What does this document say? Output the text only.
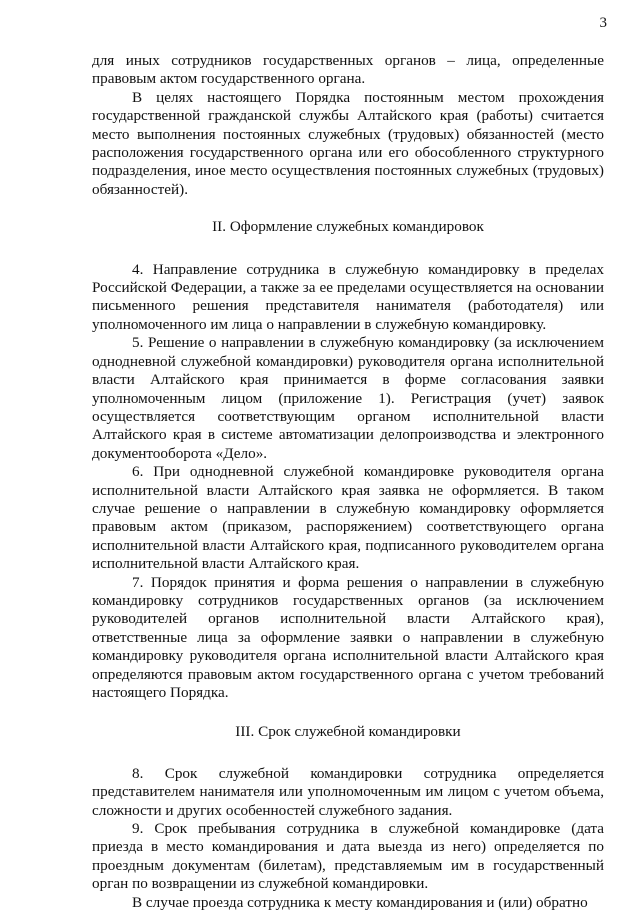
3

для иных сотрудников государственных органов – лица, определенные правовым актом государственного органа.

В целях настоящего Порядка постоянным местом прохождения государственной гражданской службы Алтайского края (работы) считается место выполнения постоянных служебных (трудовых) обязанностей (место расположения государственного органа или его обособленного структурного подразделения, иное место осуществления постоянных служебных (трудовых) обязанностей).

II. Оформление служебных командировок

4. Направление сотрудника в служебную командировку в пределах Российской Федерации, а также за ее пределами осуществляется на основании письменного решения представителя нанимателя (работодателя) или уполномоченного им лица о направлении в служебную командировку.

5. Решение о направлении в служебную командировку (за исключением однодневной служебной командировки) руководителя органа исполнительной власти Алтайского края принимается в форме согласования заявки уполномоченным лицом (приложение 1). Регистрация (учет) заявок осуществляется соответствующим органом исполнительной власти Алтайского края в системе автоматизации делопроизводства и электронного документооборота «Дело».

6. При однодневной служебной командировке руководителя органа исполнительной власти Алтайского края заявка не оформляется. В таком случае решение о направлении в служебную командировку оформляется правовым актом (приказом, распоряжением) соответствующего органа исполнительной власти Алтайского края, подписанного руководителем органа исполнительной власти Алтайского края.

7. Порядок принятия и форма решения о направлении в служебную командировку сотрудников государственных органов (за исключением руководителей органов исполнительной власти Алтайского края), ответственные лица за оформление заявки о направлении в служебную командировку руководителя органа исполнительной власти Алтайского края определяются правовым актом государственного органа с учетом требований настоящего Порядка.

III. Срок служебной командировки

8. Срок служебной командировки сотрудника определяется представителем нанимателя или уполномоченным им лицом с учетом объема, сложности и других особенностей служебного задания.

9. Срок пребывания сотрудника в служебной командировке (дата приезда в место командирования и дата выезда из него) определяется по проездным документам (билетам), представляемым им в государственный орган по возвращении из служебной командировки.

В случае проезда сотрудника к месту командирования и (или) обратно
